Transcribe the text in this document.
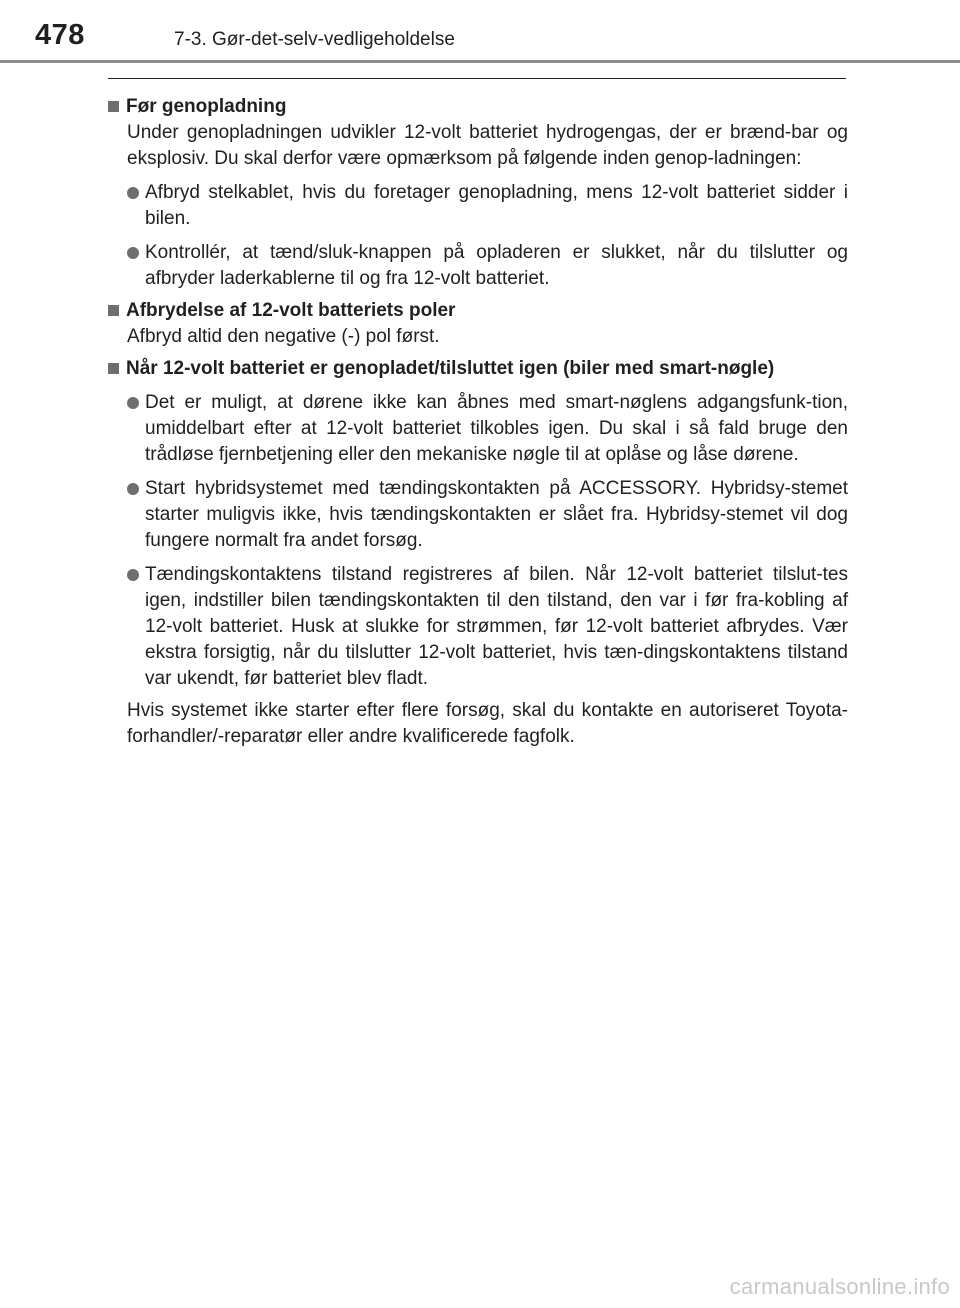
478	7-3. Gør-det-selv-vedligeholdelse
Før genopladning

Under genopladningen udvikler 12-volt batteriet hydrogengas, der er brænd-bar og eksplosiv. Du skal derfor være opmærksom på følgende inden genop-ladningen:

Afbryd stelkablet, hvis du foretager genopladning, mens 12-volt batteriet sidder i bilen.
Kontrollér, at tænd/sluk-knappen på opladeren er slukket, når du tilslutter og afbryder laderkablerne til og fra 12-volt batteriet.
Afbrydelse af 12-volt batteriets poler

Afbryd altid den negative (-) pol først.

Når 12-volt batteriet er genopladet/tilsluttet igen (biler med smart-nøgle)
Det er muligt, at dørene ikke kan åbnes med smart-nøglens adgangsfunk-tion, umiddelbart efter at 12-volt batteriet tilkobles igen. Du skal i så fald bruge den trådløse fjernbetjening eller den mekaniske nøgle til at oplåse og låse dørene.
Start hybridsystemet med tændingskontakten på ACCESSORY. Hybridsy-stemet starter muligvis ikke, hvis tændingskontakten er slået fra. Hybridsy-stemet vil dog fungere normalt fra andet forsøg.
Tændingskontaktens tilstand registreres af bilen. Når 12-volt batteriet tilslut-tes igen, indstiller bilen tændingskontakten til den tilstand, den var i før fra-kobling af 12-volt batteriet. Husk at slukke for strømmen, før 12-volt batteriet afbrydes. Vær ekstra forsigtig, når du tilslutter 12-volt batteriet, hvis tæn-dingskontaktens tilstand var ukendt, før batteriet blev fladt.

Hvis systemet ikke starter efter flere forsøg, skal du kontakte en autoriseret Toyota-forhandler/-reparatør eller andre kvalificerede fagfolk.

carmanualsonline.info
